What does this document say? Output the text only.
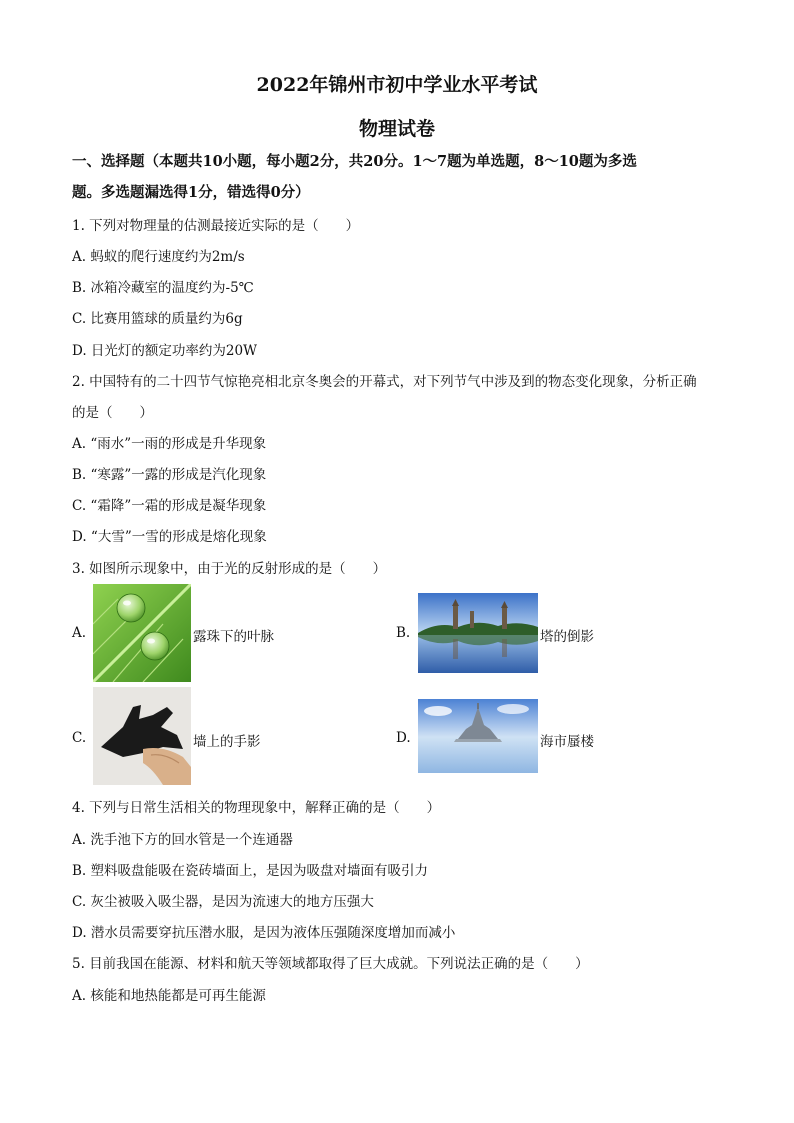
2022年锦州市初中学业水平考试
物理试卷
一、选择题（本题共10小题，每小题2分，共20分。1～7题为单选题，8～10题为多选
题。多选题漏选得1分，错选得0分）
1. 下列对物理量的估测最接近实际的是（　　）
A. 蚂蚁的爬行速度约为2m/s
B. 冰箱冷藏室的温度约为-5℃
C. 比赛用篮球的质量约为6g
D. 日光灯的额定功率约为20W
2. 中国特有的二十四节气惊艳亮相北京冬奥会的开幕式，对下列节气中涉及到的物态变化现象，分析正确
的是（　　）
A. “雨水”一雨的形成是升华现象
B. “寒露”一露的形成是汽化现象
C. “霜降”一霜的形成是凝华现象
D. “大雪”一雪的形成是熔化现象
3. 如图所示现象中，由于光的反射形成的是（　　）
A.	露珠下的叶脉	B.	塔的倒影
C.	墙上的手影	D.	海市蜃楼
4. 下列与日常生活相关的物理现象中，解释正确的是（　　）
A. 洗手池下方的回水管是一个连通器
B. 塑料吸盘能吸在瓷砖墙面上，是因为吸盘对墙面有吸引力
C. 灰尘被吸入吸尘器，是因为流速大的地方压强大
D. 潜水员需要穿抗压潜水服，是因为液体压强随深度增加而减小
5. 目前我国在能源、材料和航天等领域都取得了巨大成就。下列说法正确的是（　　）
A. 核能和地热能都是可再生能源
